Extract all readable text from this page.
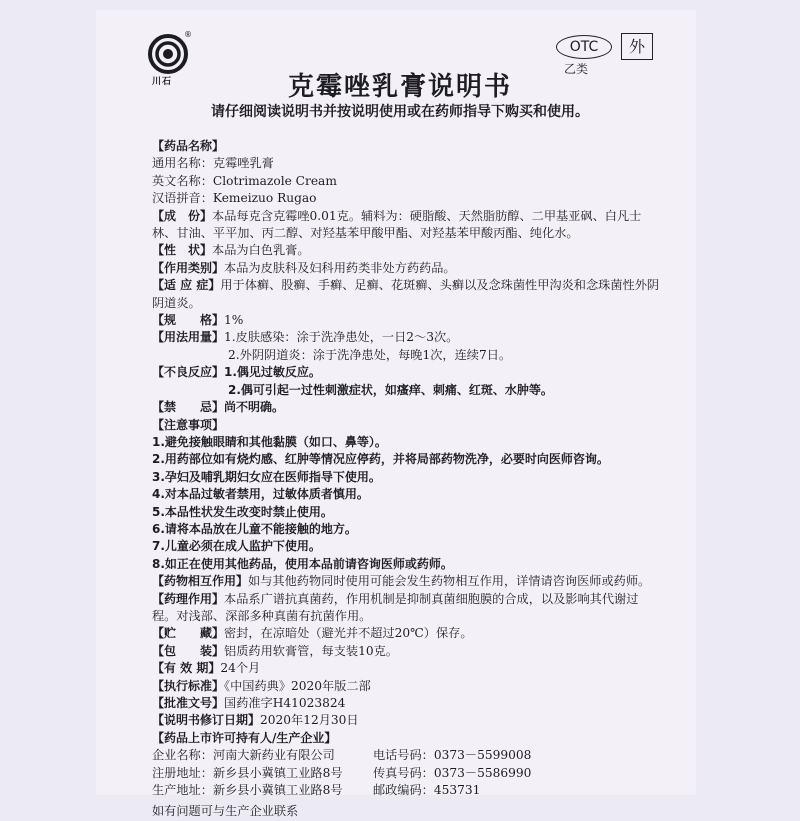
川石
®
OTC
乙类
外
克霉唑乳膏说明书
请仔细阅读说明书并按说明使用或在药师指导下购买和使用。
【药品名称】
通用名称：克霉唑乳膏
英文名称：Clotrimazole Cream
汉语拼音：Kemeizuo Rugao
【成　份】本品每克含克霉唑0.01克。辅料为：硬脂酸、天然脂肪醇、二甲基亚砜、白凡士林、甘油、平平加、丙二醇、对羟基苯甲酸甲酯、对羟基苯甲酸丙酯、纯化水。
【性　状】本品为白色乳膏。
【作用类别】本品为皮肤科及妇科用药类非处方药药品。
【适 应 症】用于体癣、股癣、手癣、足癣、花斑癣、头癣以及念珠菌性甲沟炎和念珠菌性外阴阴道炎。
【规　　格】1%
【用法用量】1.皮肤感染：涂于洗净患处，一日2～3次。
2.外阴阴道炎：涂于洗净患处，每晚1次，连续7日。
【不良反应】1.偶见过敏反应。
2.偶可引起一过性刺激症状，如瘙痒、刺痛、红斑、水肿等。
【禁　　忌】尚不明确。
【注意事项】
1.避免接触眼睛和其他黏膜（如口、鼻等）。
2.用药部位如有烧灼感、红肿等情况应停药，并将局部药物洗净，必要时向医师咨询。
3.孕妇及哺乳期妇女应在医师指导下使用。
4.对本品过敏者禁用，过敏体质者慎用。
5.本品性状发生改变时禁止使用。
6.请将本品放在儿童不能接触的地方。
7.儿童必须在成人监护下使用。
8.如正在使用其他药品，使用本品前请咨询医师或药师。
【药物相互作用】如与其他药物同时使用可能会发生药物相互作用，详情请咨询医师或药师。
【药理作用】本品系广谱抗真菌药，作用机制是抑制真菌细胞膜的合成，以及影响其代谢过程。对浅部、深部多种真菌有抗菌作用。
【贮　　藏】密封，在凉暗处（避光并不超过20℃）保存。
【包　　装】铝质药用软膏管，每支装10克。
【有 效 期】24个月
【执行标准】《中国药典》2020年版二部
【批准文号】国药准字H41023824
【说明书修订日期】2020年12月30日
【药品上市许可持有人/生产企业】
企业名称：河南大新药业有限公司	电话号码：0373－5599008
注册地址：新乡县小冀镇工业路8号 传真号码：0373－5586990
生产地址：新乡县小冀镇工业路8号 邮政编码：453731
如有问题可与生产企业联系
